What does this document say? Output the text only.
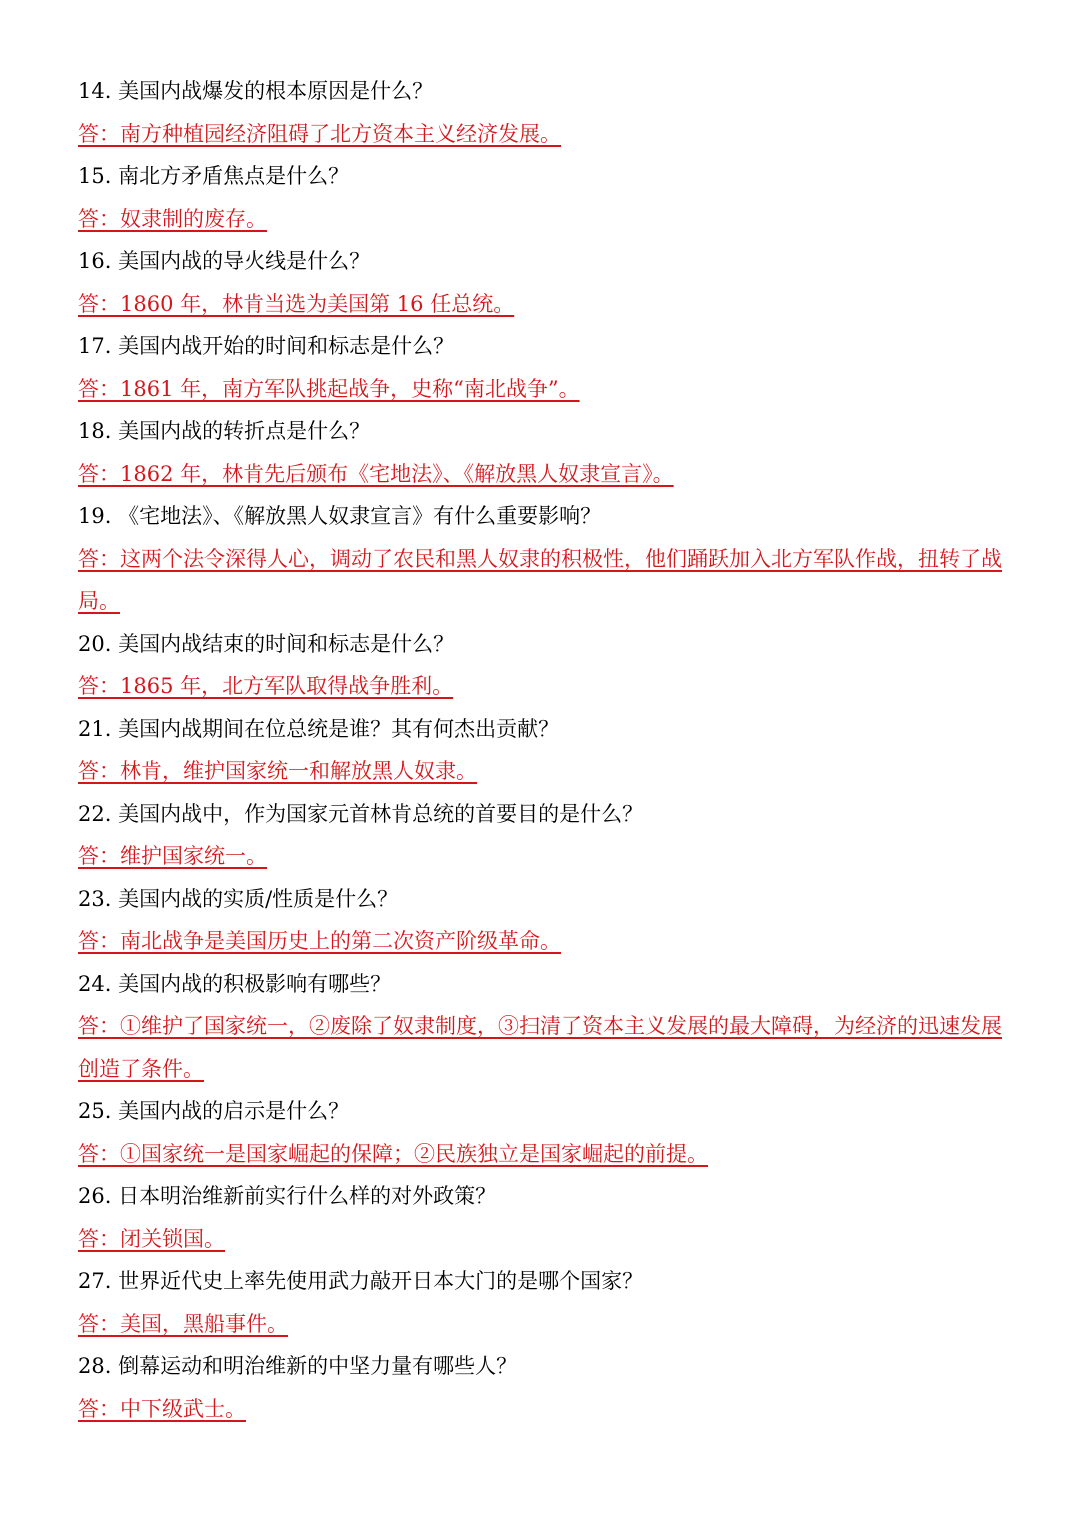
14. 美国内战爆发的根本原因是什么？

答：南方种植园经济阻碍了北方资本主义经济发展。

15. 南北方矛盾焦点是什么？

答：奴隶制的废存。

16. 美国内战的导火线是什么？

答：1860 年，林肯当选为美国第 16 任总统。

17. 美国内战开始的时间和标志是什么？

答：1861 年，南方军队挑起战争，史称“南北战争”。

18. 美国内战的转折点是什么？

答：1862 年，林肯先后颁布《宅地法》、《解放黑人奴隶宣言》。

19. 《宅地法》、《解放黑人奴隶宣言》有什么重要影响？

答：这两个法令深得人心，调动了农民和黑人奴隶的积极性，他们踊跃加入北方军队作战，扭转了战局。

20. 美国内战结束的时间和标志是什么？

答：1865 年，北方军队取得战争胜利。

21. 美国内战期间在位总统是谁？其有何杰出贡献？

答：林肯，维护国家统一和解放黑人奴隶。

22. 美国内战中，作为国家元首林肯总统的首要目的是什么？

答：维护国家统一。

23. 美国内战的实质/性质是什么？

答：南北战争是美国历史上的第二次资产阶级革命。

24. 美国内战的积极影响有哪些？

答：①维护了国家统一，②废除了奴隶制度，③扫清了资本主义发展的最大障碍，为经济的迅速发展创造了条件。

25. 美国内战的启示是什么？

答：①国家统一是国家崛起的保障；②民族独立是国家崛起的前提。

26. 日本明治维新前实行什么样的对外政策？

答：闭关锁国。

27. 世界近代史上率先使用武力敲开日本大门的是哪个国家？

答：美国，黑船事件。

28. 倒幕运动和明治维新的中坚力量有哪些人？

答：中下级武士。
